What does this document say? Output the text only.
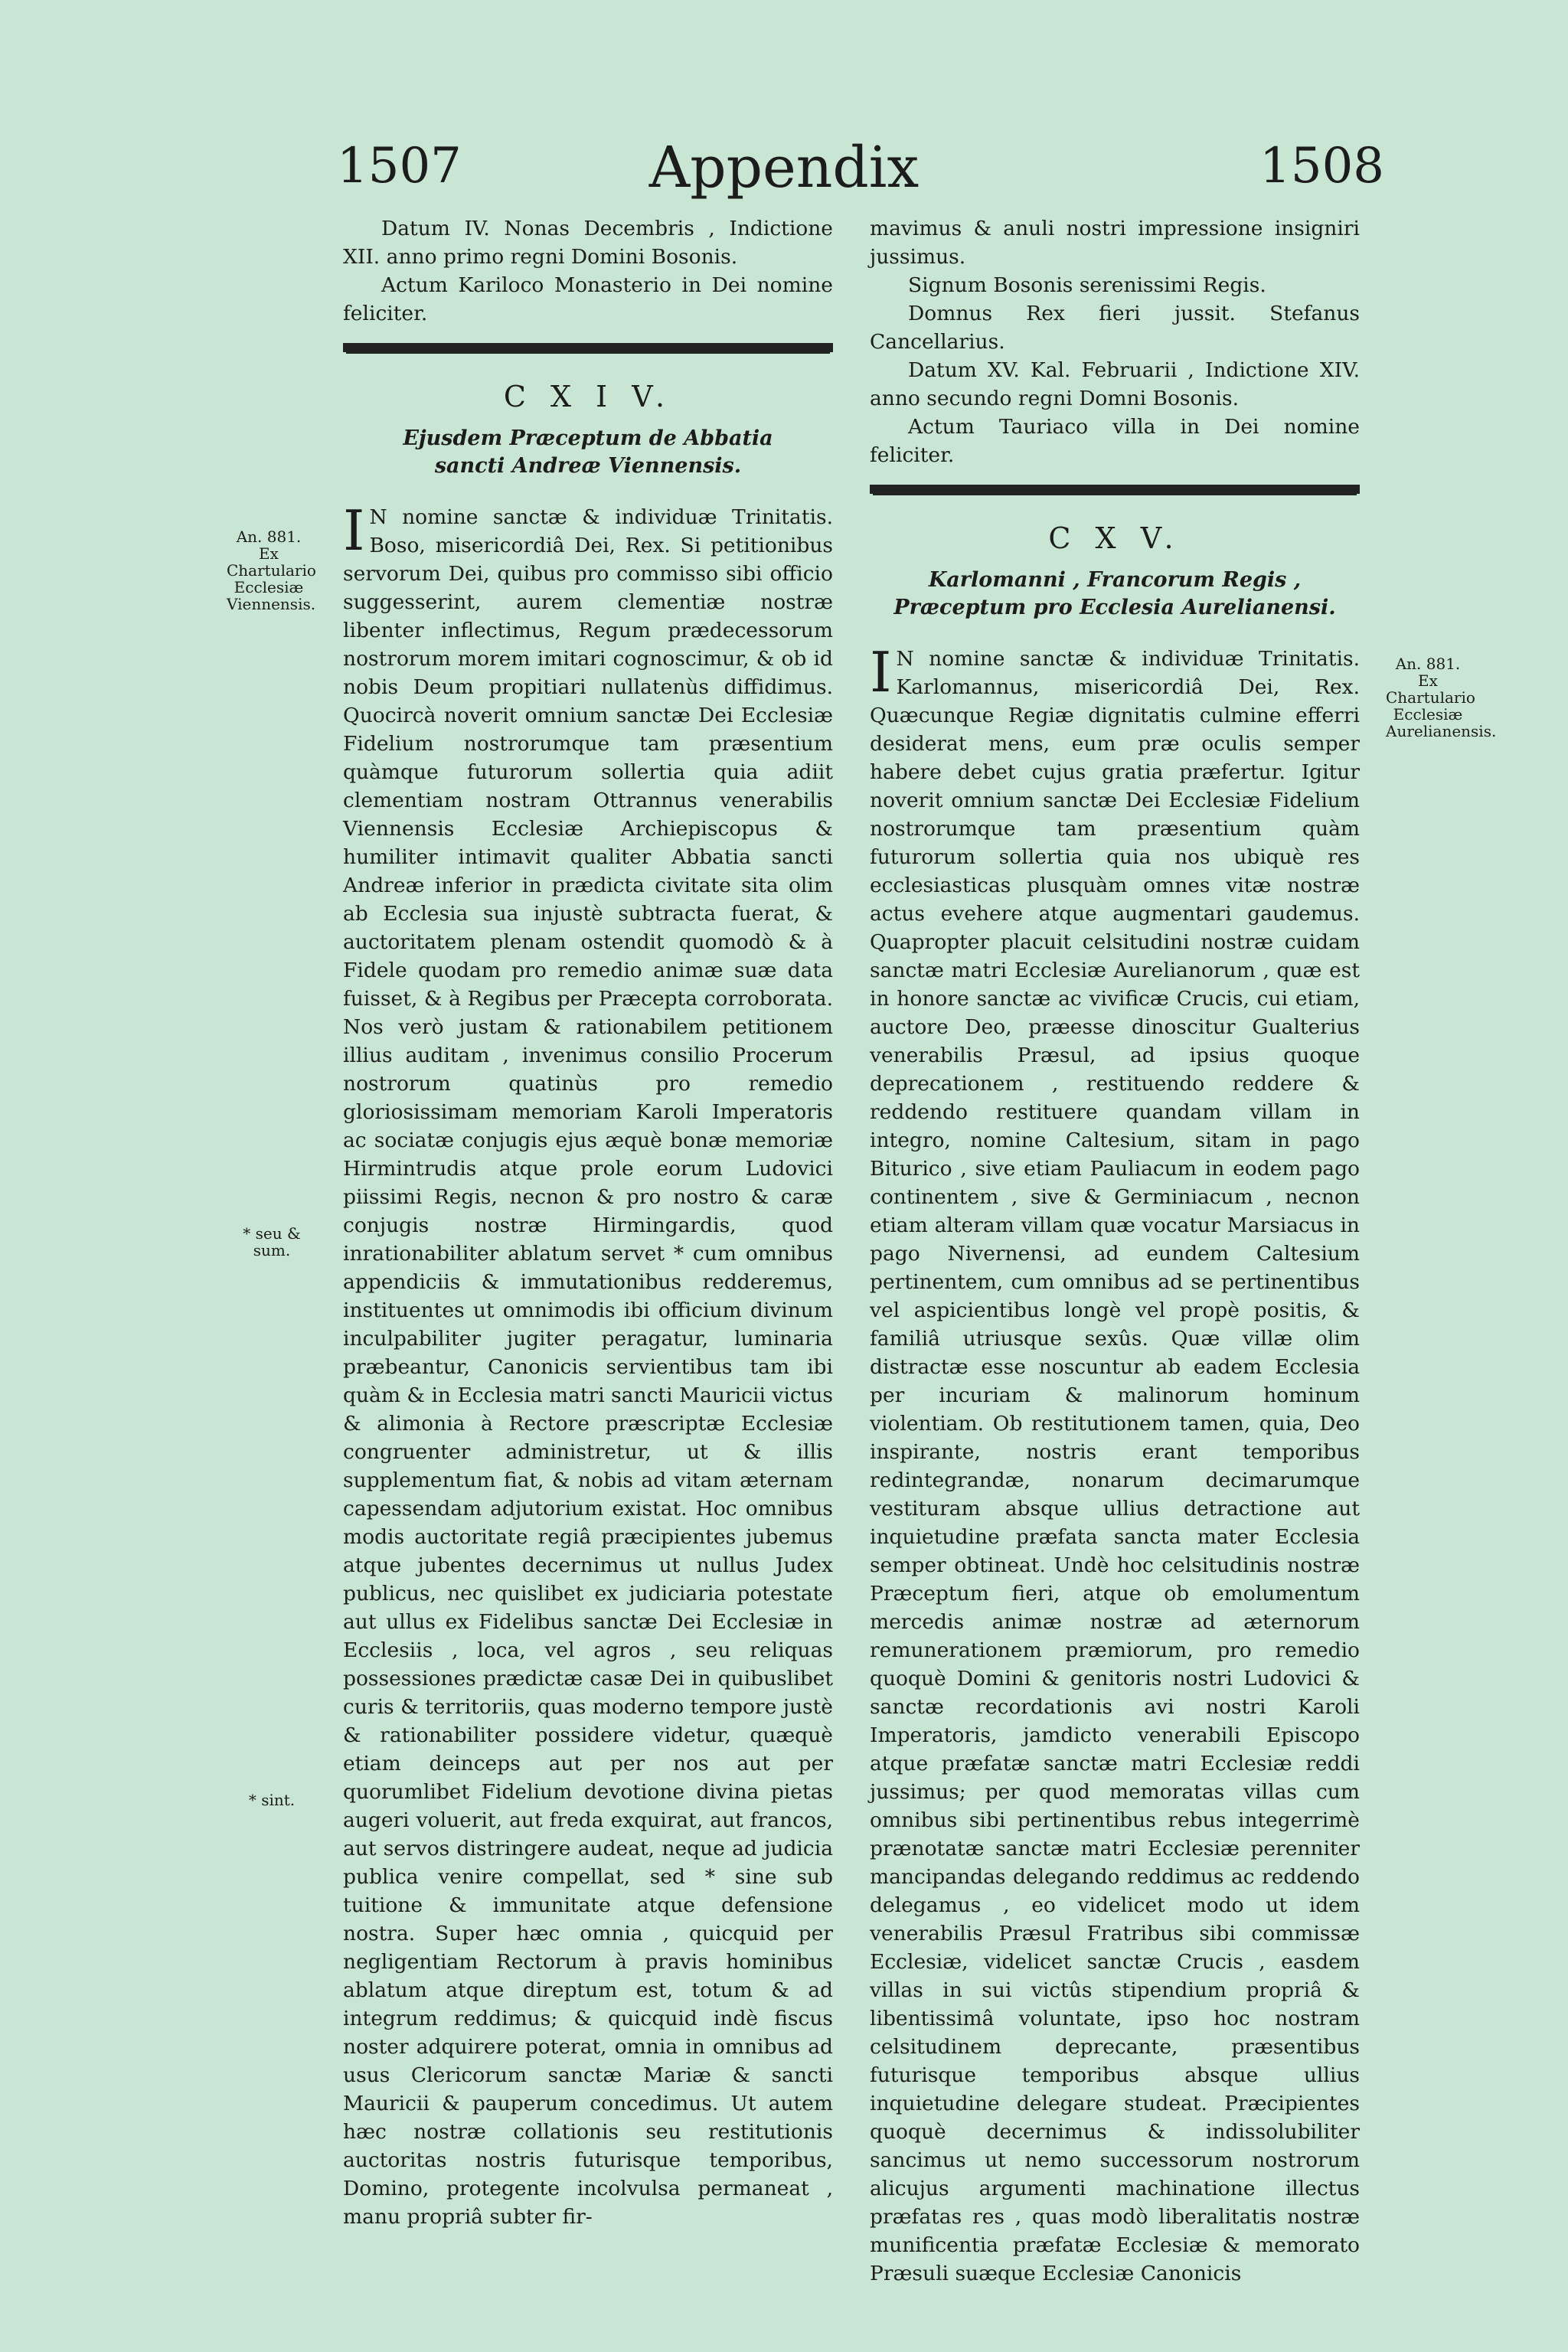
1507	Appendix	1508
An. 881. Ex Chartulario Ecclesiæ Viennensis.
* seu & sum.
* sint.
An. 881. Ex Chartulario Ecclesiæ Aurelianensis.

Datum IV. Nonas Decembris , Indictione XII. anno primo regni Domini Bosonis.

Actum Kariloco Monasterio in Dei nomine feliciter.

C X I V.
Ejusdem Præceptum de Abbatia sancti Andreæ Viennensis.
I N nomine sanctæ & individuæ Trinitatis. Boso, misericordiâ Dei, Rex. Si petitionibus servorum Dei, quibus pro commisso sibi officio suggesserint, aurem clementiæ nostræ libenter inflectimus, Regum prædecessorum nostrorum morem imitari cognoscimur, & ob id nobis Deum propitiari nullatenùs diffidimus. Quocircà noverit omnium sanctæ Dei Ecclesiæ Fidelium nostrorumque tam præsentium quàmque futurorum sollertia quia adiit clementiam nostram Ottrannus venerabilis Viennensis Ecclesiæ Archiepiscopus & humiliter intimavit qualiter Abbatia sancti Andreæ inferior in prædicta civitate sita olim ab Ecclesia sua injustè subtracta fuerat, & auctoritatem plenam ostendit quomodò & à Fidele quodam pro remedio animæ suæ data fuisset, & à Regibus per Præcepta corroborata. Nos verò justam & rationabilem petitionem illius auditam , invenimus consilio Procerum nostrorum quatinùs pro remedio gloriosissimam memoriam Karoli Imperatoris ac sociatæ conjugis ejus æquè bonæ memoriæ Hirmintrudis atque prole eorum Ludovici piissimi Regis, necnon & pro nostro & caræ conjugis nostræ Hirmingardis, quod inrationabiliter ablatum servet * cum omnibus appendiciis & immutationibus redderemus, instituentes ut omnimodis ibi officium divinum inculpabiliter jugiter peragatur, luminaria præbeantur, Canonicis servientibus tam ibi quàm & in Ecclesia matri sancti Mauricii victus & alimonia à Rectore præscriptæ Ecclesiæ congruenter administretur, ut & illis supplementum fiat, & nobis ad vitam æternam capessendam adjutorium existat. Hoc omnibus modis auctoritate regiâ præcipientes jubemus atque jubentes decernimus ut nullus Judex publicus, nec quislibet ex judiciaria potestate aut ullus ex Fidelibus sanctæ Dei Ecclesiæ in Ecclesiis , loca, vel agros , seu reliquas possessiones prædictæ casæ Dei in quibuslibet curis & territoriis, quas moderno tempore justè & rationabiliter possidere videtur, quæquè etiam deinceps aut per nos aut per quorumlibet Fidelium devotione divina pietas augeri voluerit, aut freda exquirat, aut francos, aut servos distringere audeat, neque ad judicia publica venire compellat, sed * sine sub tuitione & immunitate atque defensione nostra. Super hæc omnia , quicquid per negligentiam Rectorum à pravis hominibus ablatum atque direptum est, totum & ad integrum reddimus; & quicquid indè fiscus noster adquirere poterat, omnia in omnibus ad usus Clericorum sanctæ Mariæ & sancti Mauricii & pauperum concedimus. Ut autem hæc nostræ collationis seu restitutionis auctoritas nostris futurisque temporibus, Domino, protegente incolvulsa permaneat , manu propriâ subter fir-

mavimus & anuli nostri impressione insigniri jussimus.

Signum Bosonis serenissimi Regis.

Domnus Rex fieri jussit. Stefanus Cancellarius.

Datum XV. Kal. Februarii , Indictione XIV. anno secundo regni Domni Bosonis.

Actum Tauriaco villa in Dei nomine feliciter.

C X V.
Karlomanni , Francorum Regis , Præceptum pro Ecclesia Aurelianensi.
I N nomine sanctæ & individuæ Trinitatis. Karlomannus, misericordiâ Dei, Rex. Quæcunque Regiæ dignitatis culmine efferri desiderat mens, eum præ oculis semper habere debet cujus gratia præfertur. Igitur noverit omnium sanctæ Dei Ecclesiæ Fidelium nostrorumque tam præsentium quàm futurorum sollertia quia nos ubiquè res ecclesiasticas plusquàm omnes vitæ nostræ actus evehere atque augmentari gaudemus. Quapropter placuit celsitudini nostræ cuidam sanctæ matri Ecclesiæ Aurelianorum , quæ est in honore sanctæ ac vivificæ Crucis, cui etiam, auctore Deo, præesse dinoscitur Gualterius venerabilis Præsul, ad ipsius quoque deprecationem , restituendo reddere & reddendo restituere quandam villam in integro, nomine Caltesium, sitam in pago Biturico , sive etiam Pauliacum in eodem pago continentem , sive & Germiniacum , necnon etiam alteram villam quæ vocatur Marsiacus in pago Nivernensi, ad eundem Caltesium pertinentem, cum omnibus ad se pertinentibus vel aspicientibus longè vel propè positis, & familiâ utriusque sexûs. Quæ villæ olim distractæ esse noscuntur ab eadem Ecclesia per incuriam & malinorum hominum violentiam. Ob restitutionem tamen, quia, Deo inspirante, nostris erant temporibus redintegrandæ, nonarum decimarumque vestituram absque ullius detractione aut inquietudine præfata sancta mater Ecclesia semper obtineat. Undè hoc celsitudinis nostræ Præceptum fieri, atque ob emolumentum mercedis animæ nostræ ad æternorum remunerationem præmiorum, pro remedio quoquè Domini & genitoris nostri Ludovici & sanctæ recordationis avi nostri Karoli Imperatoris, jamdicto venerabili Episcopo atque præfatæ sanctæ matri Ecclesiæ reddi jussimus; per quod memoratas villas cum omnibus sibi pertinentibus rebus integerrimè prænotatæ sanctæ matri Ecclesiæ perenniter mancipandas delegando reddimus ac reddendo delegamus , eo videlicet modo ut idem venerabilis Præsul Fratribus sibi commissæ Ecclesiæ, videlicet sanctæ Crucis , easdem villas in sui victûs stipendium propriâ & libentissimâ voluntate, ipso hoc nostram celsitudinem deprecante, præsentibus futurisque temporibus absque ullius inquietudine delegare studeat. Præcipientes quoquè decernimus & indissolubiliter sancimus ut nemo successorum nostrorum alicujus argumenti machinatione illectus præfatas res , quas modò liberalitatis nostræ munificentia præfatæ Ecclesiæ & memorato Præsuli suæque Ecclesiæ Canonicis
